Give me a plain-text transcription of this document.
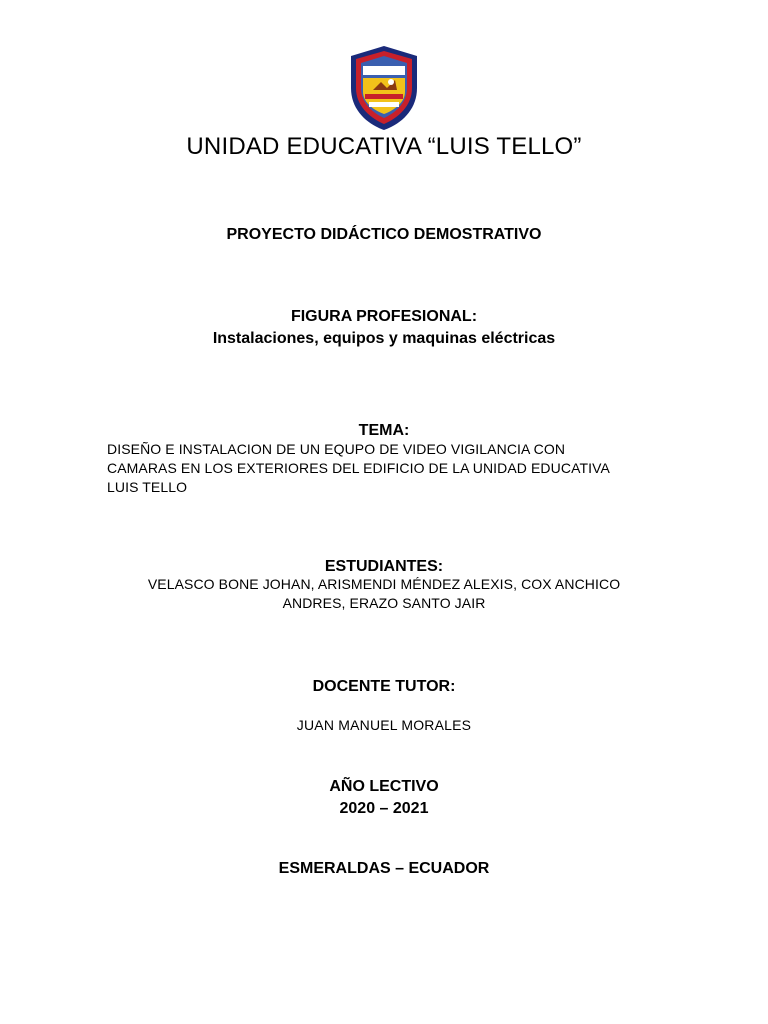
UNIDAD EDUCATIVA “LUIS TELLO”
PROYECTO DIDÁCTICO DEMOSTRATIVO
FIGURA PROFESIONAL:
Instalaciones, equipos y maquinas eléctricas
TEMA:
DISEÑO E INSTALACION DE UN EQUPO DE VIDEO VIGILANCIA CON
CAMARAS EN LOS EXTERIORES DEL EDIFICIO DE LA UNIDAD EDUCATIVA
LUIS TELLO
ESTUDIANTES:
VELASCO BONE JOHAN, ARISMENDI MÉNDEZ ALEXIS, COX ANCHICO
ANDRES, ERAZO SANTO JAIR
DOCENTE TUTOR:
JUAN MANUEL MORALES
AÑO LECTIVO
2020 – 2021
ESMERALDAS – ECUADOR
